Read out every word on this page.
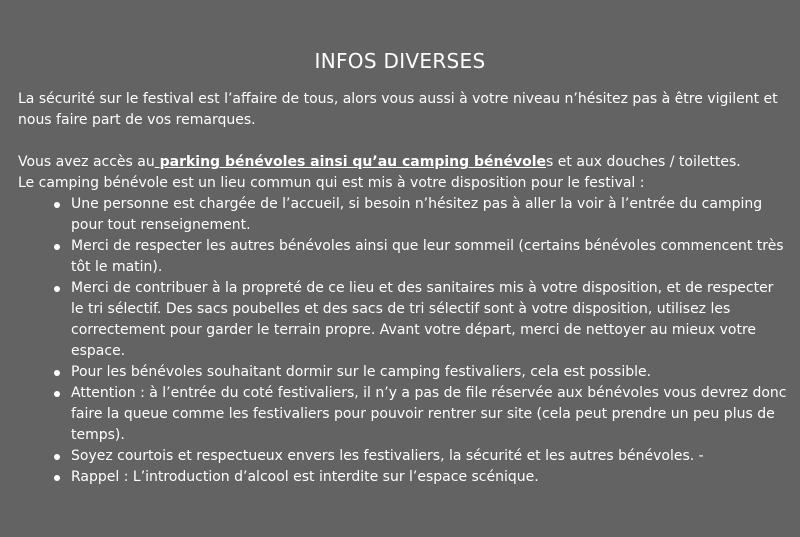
INFOS DIVERSES

La sécurité sur le festival est l’affaire de tous, alors vous aussi à votre niveau n’hésitez pas à être vigilent et nous faire part de vos remarques.

Vous avez accès au parking bénévoles ainsi qu’au camping bénévoles et aux douches / toilettes.

Le camping bénévole est un lieu commun qui est mis à votre disposition pour le festival :

Une personne est chargée de l’accueil, si besoin n’hésitez pas à aller la voir à l’entrée du camping pour tout renseignement.
Merci de respecter les autres bénévoles ainsi que leur sommeil (certains bénévoles commencent très tôt le matin).
Merci de contribuer à la propreté de ce lieu et des sanitaires mis à votre disposition, et de respecter le tri sélectif. Des sacs poubelles et des sacs de tri sélectif sont à votre disposition, utilisez les correctement pour garder le terrain propre. Avant votre départ, merci de nettoyer au mieux votre espace.
Pour les bénévoles souhaitant dormir sur le camping festivaliers, cela est possible.
Attention : à l’entrée du coté festivaliers, il n’y a pas de file réservée aux bénévoles vous devrez donc faire la queue comme les festivaliers pour pouvoir rentrer sur site (cela peut prendre un peu plus de temps).
Soyez courtois et respectueux envers les festivaliers, la sécurité et les autres bénévoles. -
Rappel : L’introduction d’alcool est interdite sur l’espace scénique.
